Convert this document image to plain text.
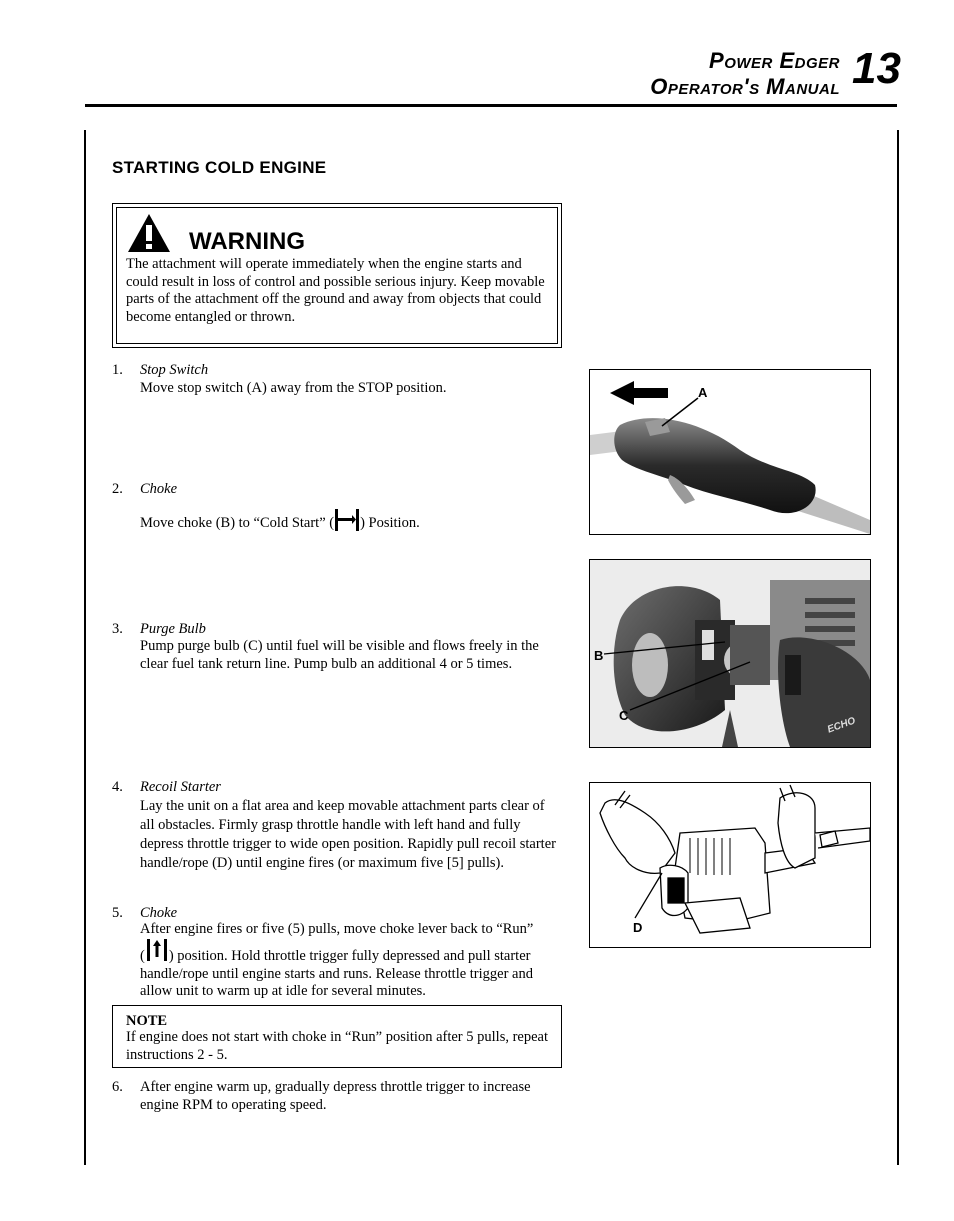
Power Edger
Operator's Manual 13
STARTING COLD ENGINE
WARNING
The attachment will operate immediately when the engine starts and could result in loss of control and possible serious injury. Keep movable parts of the attachment off the ground and away from objects that could become entangled or thrown.
1. Stop Switch
Move stop switch (A) away from the STOP position.
2. Choke
Move choke (B) to “Cold Start” ( ) Position.
3. Purge Bulb
Pump purge bulb (C) until fuel will be visible and flows freely in the clear fuel tank return line. Pump bulb an additional 4 or 5 times.
4. Recoil Starter
Lay the unit on a flat area and keep movable attachment parts clear of all obstacles. Firmly grasp throttle handle with left hand and fully depress throttle trigger to wide open position. Rapidly pull recoil starter handle/rope (D) until engine fires (or maximum five [5] pulls).
5. Choke
After engine fires or five (5) pulls, move choke lever back to “Run”
( ) position. Hold throttle trigger fully depressed and pull starter handle/rope until engine starts and runs. Release throttle trigger and allow unit to warm up at idle for several minutes.
NOTE
If engine does not start with choke in “Run” position after 5 pulls, repeat instructions 2 - 5.
6. After engine warm up, gradually depress throttle trigger to increase engine RPM to operating speed.
A
B
C	ECHO
D
